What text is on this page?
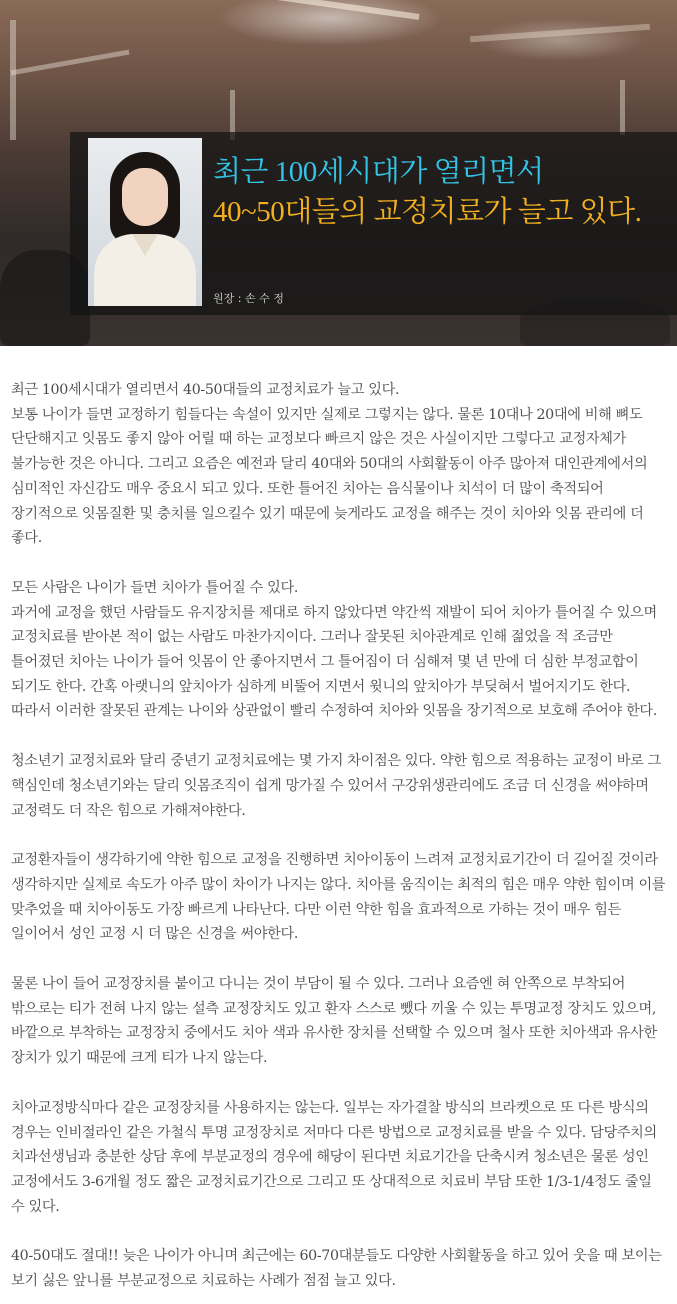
최근 100세시대가 열리면서
40~50대들의 교정치료가 늘고 있다.
원장 : 손 수 정

최근 100세시대가 열리면서 40-50대들의 교정치료가 늘고 있다.
보통 나이가 들면 교정하기 힘들다는 속설이 있지만 실제로 그렇지는 않다. 물론 10대나 20대에 비해 뼈도
단단해지고 잇몸도 좋지 않아 어릴 때 하는 교정보다 빠르지 않은 것은 사실이지만 그렇다고 교정자체가
불가능한 것은 아니다. 그리고 요즘은 예전과 달리 40대와 50대의 사회활동이 아주 많아져 대인관계에서의
심미적인 자신감도 매우 중요시 되고 있다. 또한 틀어진 치아는 음식물이나 치석이 더 많이 축적되어
장기적으로 잇몸질환 및 충치를 일으킬수 있기 때문에 늦게라도 교정을 해주는 것이 치아와 잇몸 관리에 더
좋다.

모든 사람은 나이가 들면 치아가 틀어질 수 있다.
과거에 교정을 했던 사람들도 유지장치를 제대로 하지 않았다면 약간씩 재발이 되어 치아가 틀어질 수 있으며
교정치료를 받아본 적이 없는 사람도 마찬가지이다. 그러나 잘못된 치아관계로 인해 젊었을 적 조금만
틀어졌던 치아는 나이가 들어 잇몸이 안 좋아지면서 그 틀어짐이 더 심해져 몇 년 만에 더 심한 부정교합이
되기도 한다. 간혹 아랫니의 앞치아가 심하게 비뚤어 지면서 윗니의 앞치아가 부딪혀서 벌어지기도 한다.
따라서 이러한 잘못된 관계는 나이와 상관없이 빨리 수정하여 치아와 잇몸을 장기적으로 보호해 주어야 한다.

청소년기 교정치료와 달리 중년기 교정치료에는 몇 가지 차이점은 있다. 약한 힘으로 적용하는 교정이 바로 그
핵심인데 청소년기와는 달리 잇몸조직이 쉽게 망가질 수 있어서 구강위생관리에도 조금 더 신경을 써야하며
교정력도 더 작은 힘으로 가해져야한다.

교정환자들이 생각하기에 약한 힘으로 교정을 진행하면 치아이동이 느려져 교정치료기간이 더 길어질 것이라
생각하지만 실제로 속도가 아주 많이 차이가 나지는 않다. 치아를 움직이는 최적의 힘은 매우 약한 힘이며 이를
맞추었을 때 치아이동도 가장 빠르게 나타난다. 다만 이런 약한 힘을 효과적으로 가하는 것이 매우 힘든
일이어서 성인 교정 시 더 많은 신경을 써야한다.

물론 나이 들어 교정장치를 붙이고 다니는 것이 부담이 될 수 있다. 그러나 요즘엔 혀 안쪽으로 부착되어
밖으로는 티가 전혀 나지 않는 설측 교정장치도 있고 환자 스스로 뺐다 끼울 수 있는 투명교정 장치도 있으며,
바깥으로 부착하는 교정장치 중에서도 치아 색과 유사한 장치를 선택할 수 있으며 철사 또한 치아색과 유사한
장치가 있기 때문에 크게 티가 나지 않는다.

치아교정방식마다 같은 교정장치를 사용하지는 않는다. 일부는 자가결찰 방식의 브라켓으로 또 다른 방식의
경우는 인비절라인 같은 가철식 투명 교정장치로 저마다 다른 방법으로 교정치료를 받을 수 있다. 담당주치의
치과선생님과 충분한 상담 후에 부분교정의 경우에 해당이 된다면 치료기간을 단축시켜 청소년은 물론 성인
교정에서도 3-6개월 정도 짧은 교정치료기간으로 그리고 또 상대적으로 치료비 부담 또한 1/3-1/4정도 줄일
수 있다.

40-50대도 절대!! 늦은 나이가 아니며 최근에는 60-70대분들도 다양한 사회활동을 하고 있어 웃을 때 보이는
보기 싫은 앞니를 부분교정으로 치료하는 사례가 점점 늘고 있다.
